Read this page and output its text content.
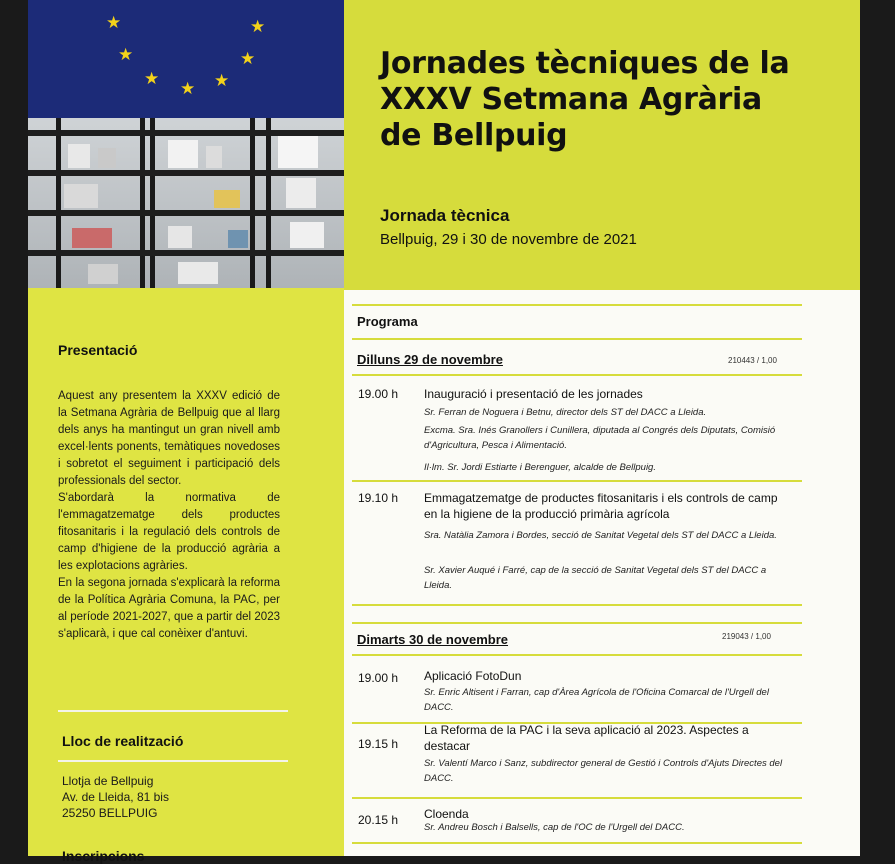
★	★
★	★
★	★
★
Jornades tècniques de la XXXV Setmana Agrària de Bellpuig
Jornada tècnica
Bellpuig, 29 i 30 de novembre de 2021
Presentació

Aquest any presentem la XXXV edició de la Setmana Agrària de Bellpuig que al llarg dels anys ha mantingut un gran nivell amb excel·lents ponents, temàtiques novedoses i sobretot el seguiment i participació dels professionals del sector.

S'abordarà la normativa de l'emmagatzematge dels productes fitosanitaris i la regulació dels controls de camp d'higiene de la producció agrària a les explotacions agràries.

En la segona jornada s'explicarà la reforma de la Política Agrària Comuna, la PAC, per al període 2021-2027, que a partir del 2023 s'aplicarà, i que cal conèixer d'antuvi.

Lloc de realització
Llotja de Bellpuig
Av. de Lleida, 81 bis
25250 BELLPUIG
Inscripcions
Programa
Dilluns 29 de novembre	210443 / 1,00
19.00 h Inauguració i presentació de les jornades
Sr. Ferran de Noguera i Betnu, director dels ST del DACC a Lleida.
Excma. Sra. Inés Granollers i Cunillera, diputada al Congrés dels Diputats, Comisió d'Agricultura, Pesca i Alimentació.
Il·lm. Sr. Jordi Estiarte i Berenguer, alcalde de Bellpuig.
19.10 h Emmagatzematge de productes fitosanitaris i els controls de camp en la higiene de la producció primària agrícola
Sra. Natàlia Zamora i Bordes, secció de Sanitat Vegetal dels ST del DACC a Lleida.
Sr. Xavier Auqué i Farré, cap de la secció de Sanitat Vegetal dels ST del DACC a Lleida.
Dimarts 30 de novembre	219043 / 1,00
19.00 h Aplicació FotoDun
Sr. Enric Altisent i Farran, cap d'Àrea Agrícola de l'Oficina Comarcal de l'Urgell del DACC.
19.15 h
La Reforma de la PAC i la seva aplicació al 2023. Aspectes a destacar
Sr. Valentí Marco i Sanz, subdirector general de Gestió i Controls d'Ajuts Directes del DACC.
20.15 h Cloenda
Sr. Andreu Bosch i Balsells, cap de l'OC de l'Urgell del DACC.
